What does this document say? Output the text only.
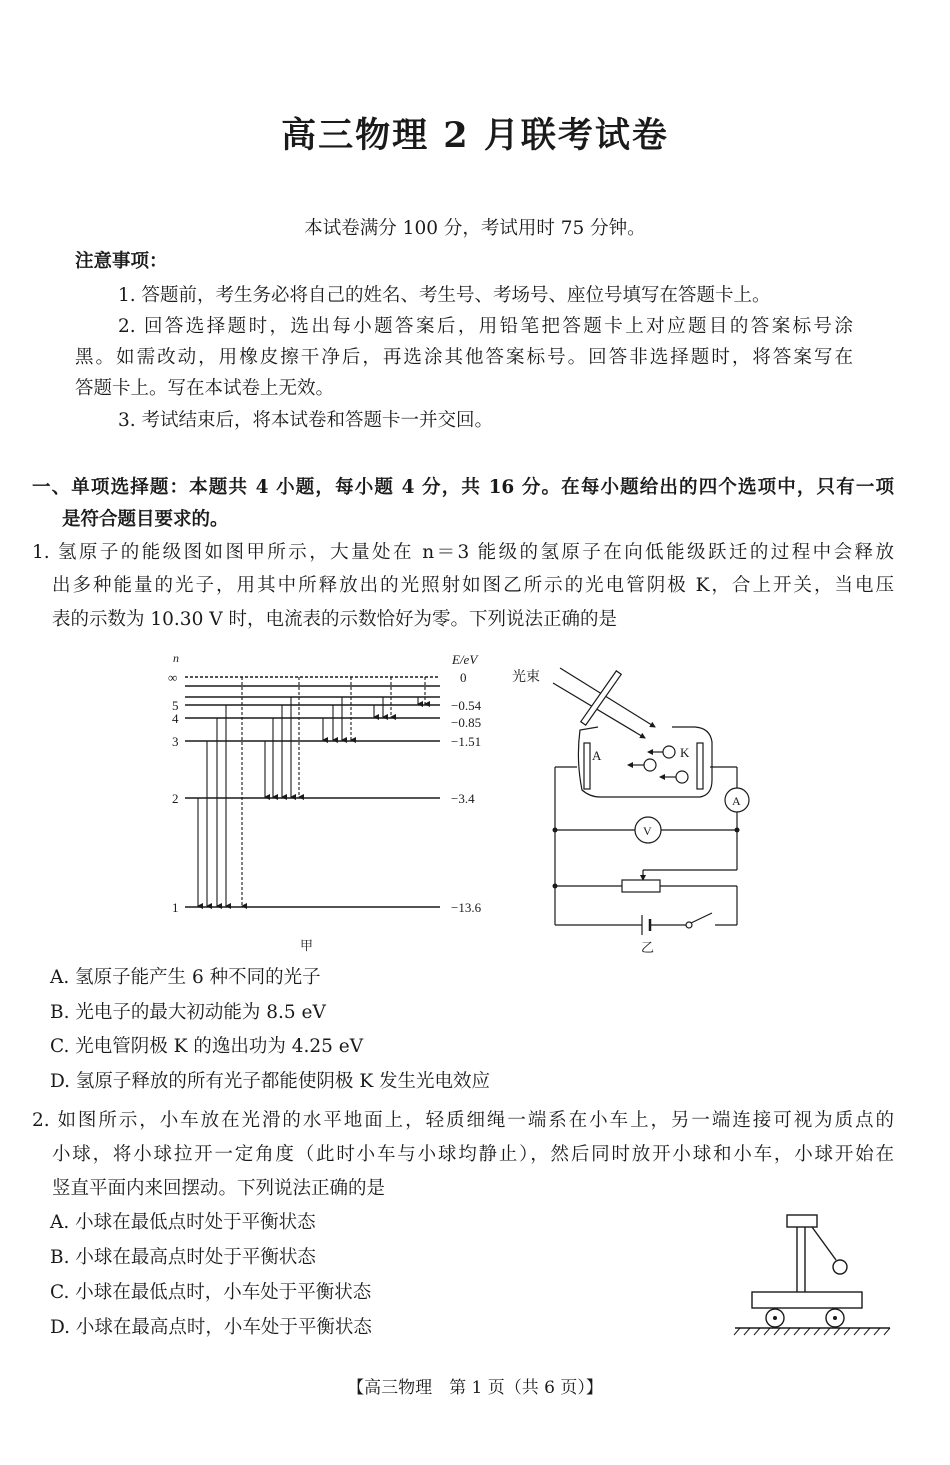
高三物理 2 月联考试卷
本试卷满分 100 分，考试用时 75 分钟。
注意事项：
1. 答题前，考生务必将自己的姓名、考生号、考场号、座位号填写在答题卡上。
2. 回答选择题时，选出每小题答案后，用铅笔把答题卡上对应题目的答案标号涂
黑。如需改动，用橡皮擦干净后，再选涂其他答案标号。回答非选择题时，将答案写在
答题卡上。写在本试卷上无效。
3. 考试结束后，将本试卷和答题卡一并交回。
一、单项选择题：本题共 4 小题，每小题 4 分，共 16 分。在每小题给出的四个选项中，只有一项
是符合题目要求的。
1. 氢原子的能级图如图甲所示，大量处在 n＝3 能级的氢原子在向低能级跃迁的过程中会释放
出多种能量的光子，用其中所释放出的光照射如图乙所示的光电管阴极 K，合上开关，当电压
表的示数为 10.30 V 时，电流表的示数恰好为零。下列说法正确的是
n	E/eV
∞
5
4
3
2
1
0
−0.54
−0.85
−1.51
−3.4
−13.6
甲
光束
A	K
A
V
乙
A. 氢原子能产生 6 种不同的光子
B. 光电子的最大初动能为 8.5 eV
C. 光电管阴极 K 的逸出功为 4.25 eV
D. 氢原子释放的所有光子都能使阴极 K 发生光电效应
2. 如图所示，小车放在光滑的水平地面上，轻质细绳一端系在小车上，另一端连接可视为质点的
小球，将小球拉开一定角度（此时小车与小球均静止），然后同时放开小球和小车，小球开始在
竖直平面内来回摆动。下列说法正确的是
A. 小球在最低点时处于平衡状态
B. 小球在最高点时处于平衡状态
C. 小球在最低点时，小车处于平衡状态
D. 小球在最高点时，小车处于平衡状态
【高三物理　第 1 页（共 6 页）】
